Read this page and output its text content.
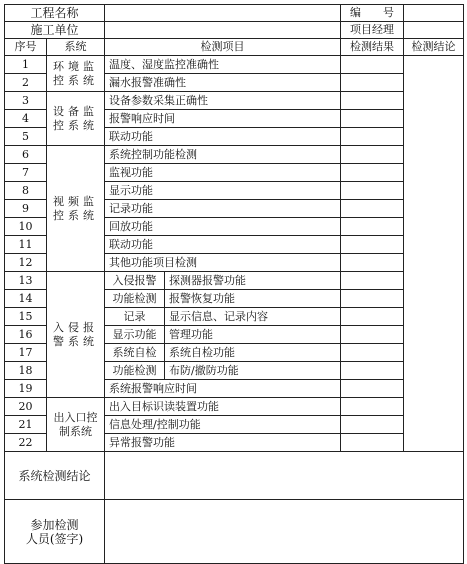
工程名称				编　　号	
施工单位				项目经理	
序号	系统	检测项目		检测结果	检测结论
1	环境监控系统	温度、湿度监控准确性			
2		漏水报警准确性			
3	设备监控系统	设备参数采集正确性			
4		报警响应时间			
5		联动功能			
6	视频监控系统	系统控制功能检测			
7		监视功能			
8		显示功能			
9		记录功能			
10		回放功能			
11		联动功能			
12		其他功能项目检测			
13	入侵报警系统	入侵报警	探测器报警功能		
14		功能检测	报警恢复功能		
15		记录	显示信息、记录内容		
16		显示功能	管理功能		
17		系统自检	系统自检功能		
18		功能检测	布防/撤防功能		
19		系统报警响应时间			
20	出入口控制系统	出入目标识读装置功能			
21		信息处理/控制功能			
22		异常报警功能			
系统检测结论					

参加检测
人员(签字)					
